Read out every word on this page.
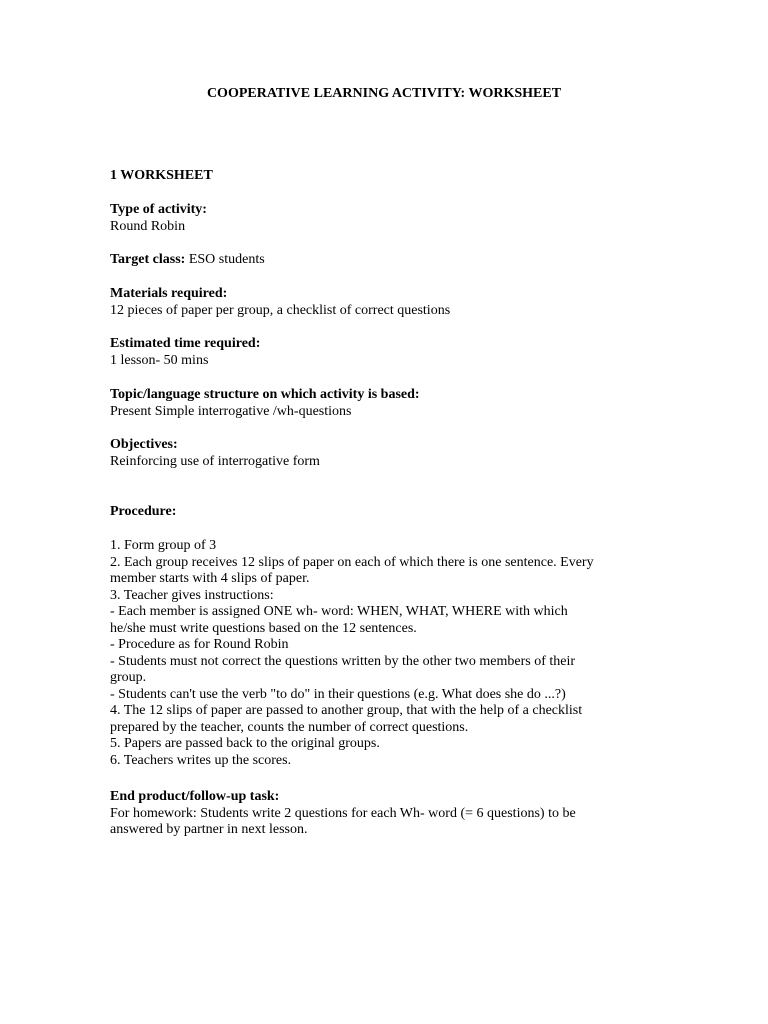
COOPERATIVE LEARNING ACTIVITY: WORKSHEET
1 WORKSHEET
Type of activity:
Round Robin
Target class: ESO students
Materials required:
12 pieces of paper per group, a checklist of correct questions
Estimated time required:
1 lesson- 50 mins
Topic/language structure on which activity is based:
Present Simple interrogative /wh-questions
Objectives:
Reinforcing use of interrogative form
Procedure:
1. Form group of 3
2. Each group receives 12 slips of paper on each of which there is one sentence. Every
member starts with 4 slips of paper.
3. Teacher gives instructions:
- Each member is assigned ONE wh- word: WHEN, WHAT, WHERE with which
he/she must write questions based on the 12 sentences.
- Procedure as for Round Robin
- Students must not correct the questions written by the other two members of their
group.
- Students can't use the verb "to do" in their questions (e.g. What does she do ...?)
4. The 12 slips of paper are passed to another group, that with the help of a checklist
prepared by the teacher, counts the number of correct questions.
5. Papers are passed back to the original groups.
6. Teachers writes up the scores.
End product/follow-up task:
For homework: Students write 2 questions for each Wh- word (= 6 questions) to be
answered by partner in next lesson.
